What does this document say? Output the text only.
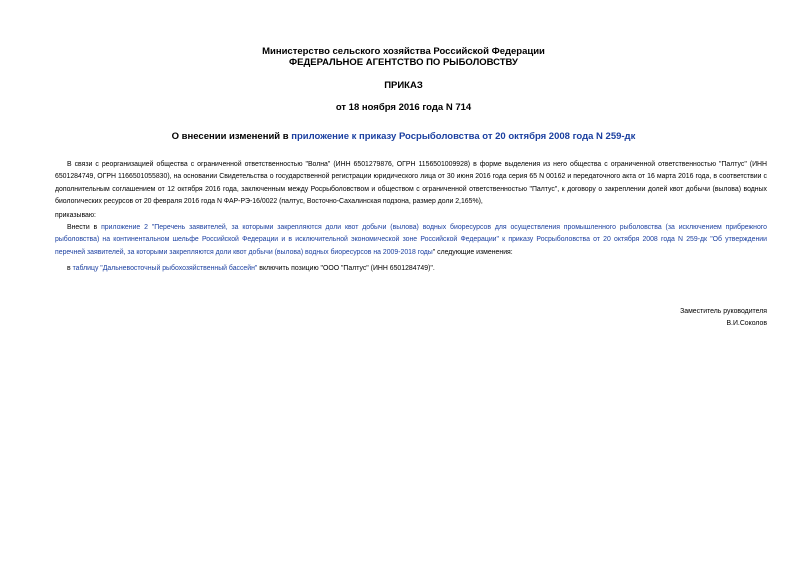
Министерство сельского хозяйства Российской Федерации
ФЕДЕРАЛЬНОЕ АГЕНТСТВО ПО РЫБОЛОВСТВУ
ПРИКАЗ
от 18 ноября 2016 года N 714
О внесении изменений в приложение к приказу Росрыболовства от 20 октября 2008 года N 259-дк
В связи с реорганизацией общества с ограниченной ответственностью "Волна" (ИНН 6501279876, ОГРН 1156501009928) в форме выделения из него общества с ограниченной ответственностью "Палтус" (ИНН 6501284749, ОГРН 1166501055830), на основании Свидетельства о государственной регистрации юридического лица от 30 июня 2016 года серия 65 N 00162 и передаточного акта от 16 марта 2016 года, в соответствии с дополнительным соглашением от 12 октября 2016 года, заключенным между Росрыболовством и обществом с ограниченной ответственностью "Палтус", к договору о закреплении долей квот добычи (вылова) водных биологических ресурсов от 20 февраля 2016 года N ФАР-РЭ-16/0022 (палтус, Восточно-Сахалинская подзона, размер доли 2,165%),
приказываю:
Внести в приложение 2 "Перечень заявителей, за которыми закрепляются доли квот добычи (вылова) водных биоресурсов для осуществления промышленного рыболовства (за исключением прибрежного рыболовства) на континентальном шельфе Российской Федерации и в исключительной экономической зоне Российской Федерации" к приказу Росрыболовства от 20 октября 2008 года N 259-дк "Об утверждении перечней заявителей, за которыми закрепляются доли квот добычи (вылова) водных биоресурсов на 2009-2018 годы" следующие изменения:
в таблицу "Дальневосточный рыбохозяйственный бассейн" включить позицию "ООО "Палтус" (ИНН 6501284749)".
Заместитель руководителя
В.И.Соколов
